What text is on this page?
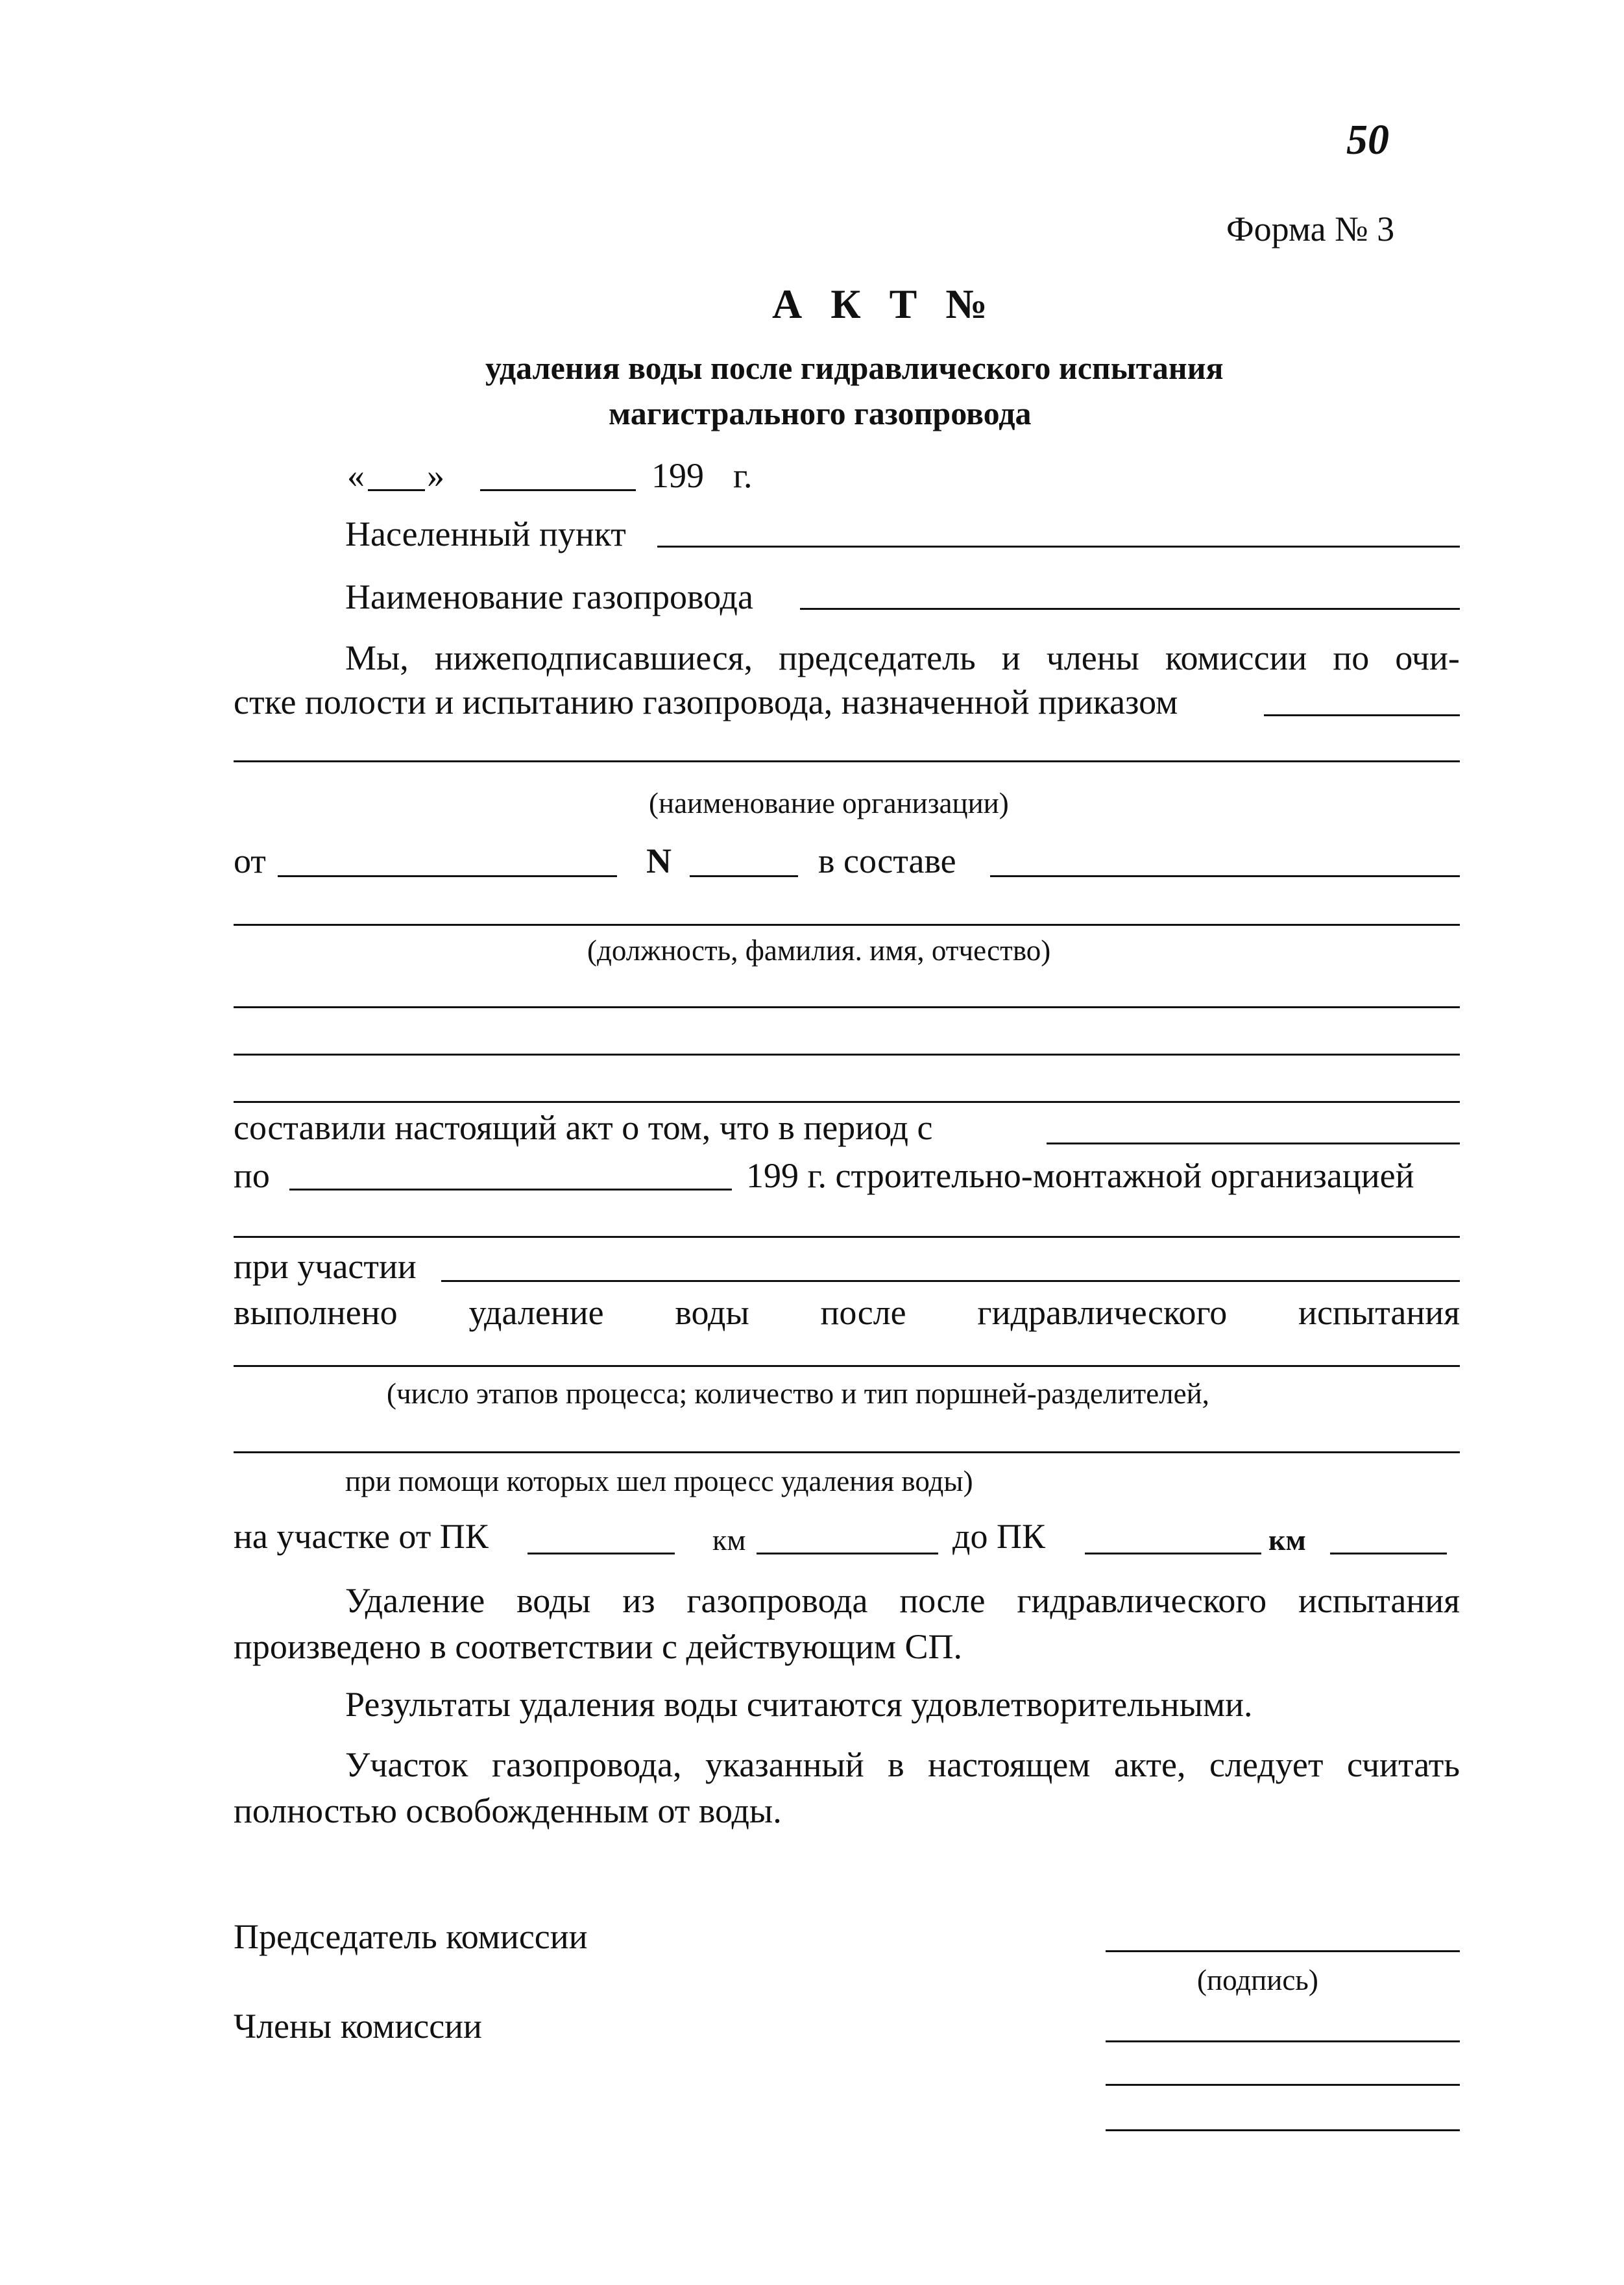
50
Форма № 3
А К Т №
удаления воды после гидравлического испытания
магистрального газопровода
« »	199 г.
Населенный пункт
Наименование газопровода
Мы, нижеподписавшиеся, председатель и члены комиссии по очи-
стке полости и испытанию газопровода, назначенной приказом
(наименование организации)
от	N	в составе
(должность, фамилия. имя, отчество)
составили настоящий акт о том, что в период с
по	199 г. строительно-монтажной организацией
при участии
выполнено удаление воды после гидравлического испытания
(число этапов процесса; количество и тип поршней-разделителей,
при помощи которых шел процесс удаления воды)
на участке от ПК	км	до ПК	км
Удаление воды из газопровода после гидравлического испытания
произведено в соответствии с действующим СП.
Результаты удаления воды считаются удовлетворительными.
Участок газопровода, указанный в настоящем акте, следует считать
полностью освобожденным от воды.
Председатель комиссии
(подпись)
Члены комиссии
